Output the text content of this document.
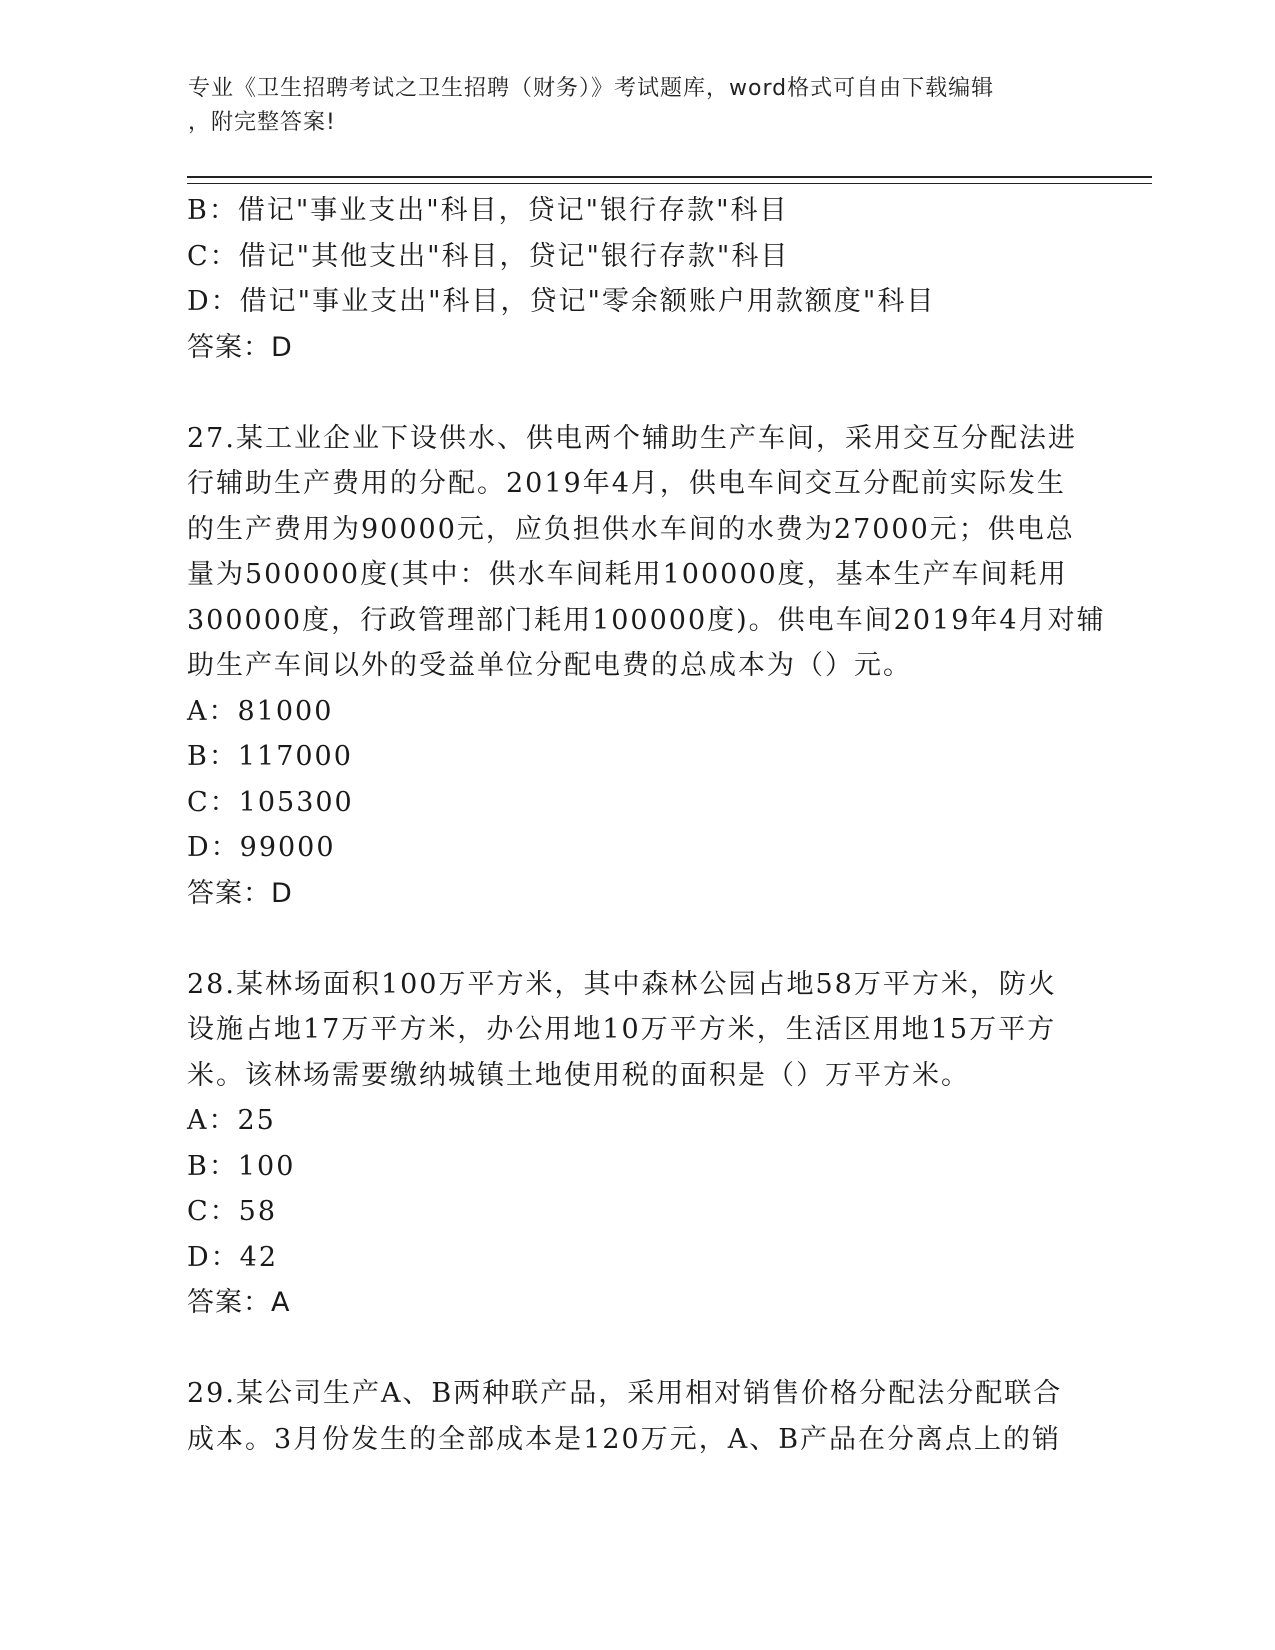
专业《卫生招聘考试之卫生招聘（财务）》考试题库，word格式可自由下载编辑
，附完整答案!
B：借记"事业支出"科目，贷记"银行存款"科目
C：借记"其他支出"科目，贷记"银行存款"科目
D：借记"事业支出"科目，贷记"零余额账户用款额度"科目
答案：D
27.某工业企业下设供水、供电两个辅助生产车间，采用交互分配法进
行辅助生产费用的分配。2019年4月，供电车间交互分配前实际发生
的生产费用为90000元，应负担供水车间的水费为27000元；供电总
量为500000度(其中：供水车间耗用100000度，基本生产车间耗用
300000度，行政管理部门耗用100000度)。供电车间2019年4月对辅
助生产车间以外的受益单位分配电费的总成本为（）元。
A：81000
B：117000
C：105300
D：99000
答案：D
28.某林场面积100万平方米，其中森林公园占地58万平方米，防火
设施占地17万平方米，办公用地10万平方米，生活区用地15万平方
米。该林场需要缴纳城镇土地使用税的面积是（）万平方米。
A：25
B：100
C：58
D：42
答案：A
29.某公司生产A、B两种联产品，采用相对销售价格分配法分配联合
成本。3月份发生的全部成本是120万元，A、B产品在分离点上的销
